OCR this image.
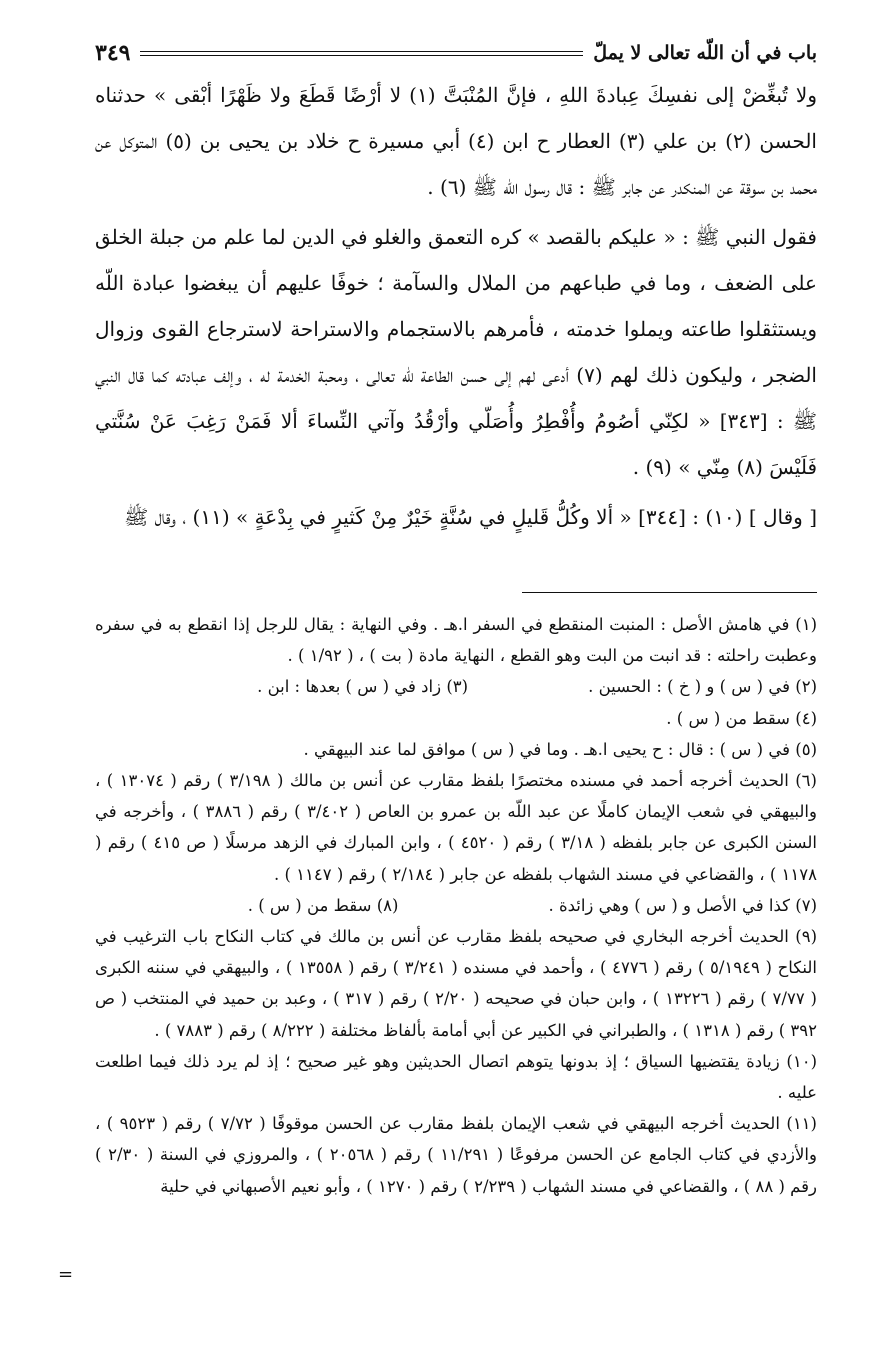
باب في أن اللّه تعالى لا يملّ
٣٤٩

ولا تُبغِّضْ إلى نفسِكَ عِبادةَ اللهِ ، فإنَّ المُنْبَتَّ (١) لا أرْضًا قَطَعَ ولا ظَهْرًا أبْقى » حدثناه الحسن (٢) بن علي (٣) العطار ح ابن (٤) أبي مسيرة ح خلاد بن يحيى بن (٥) المتوكل عن محمد بن سوقة عن المنكدر عن جابر ﷺ : قال رسول اللّه ﷺ (٦) .

فقول النبي ﷺ : « عليكم بالقصد » كره التعمق والغلو في الدين لما علم من جبلة الخلق على الضعف ، وما في طباعهم من الملال والسآمة ؛ خوفًا عليهم أن يبغضوا عبادة اللّه ويستثقلوا طاعته ويملوا خدمته ، فأمرهم بالاستجمام والاستراحة لاسترجاع القوى وزوال الضجر ، وليكون ذلك لهم (٧) أدعى لهم إلى حسن الطاعة للّه تعالى ، ومحبة الخدمة له ، وإلف عبادته كما قال النبي ﷺ : [٣٤٣] « لكِنّي أصُومُ وأُفْطِرُ وأُصَلّي وأرْقُدُ وآتي النِّساءَ ألا فَمَنْ رَغِبَ عَنْ سُنَّتي فَلَيْسَ (٨) مِنّي » (٩) .

[ وقال ] (١٠) : [٣٤٤] « ألا وكُلُّ قَليلٍ في سُنَّةٍ خَيْرٌ مِنْ كَثيرٍ في بِدْعَةٍ » (١١) ، وقال ﷺ

(١) في هامش الأصل : المنبت المنقطع في السفر ا.هـ . وفي النهاية : يقال للرجل إذا انقطع به في سفره وعطبت راحلته : قد انبت من البت وهو القطع ، النهاية مادة ( بت ) ، ( ١/٩٢ ) .

(٢) في ( س ) و ( خ ) : الحسين .
(٣) زاد في ( س ) بعدها : ابن .

(٤) سقط من ( س ) .

(٥) في ( س ) : قال : ح يحيى ا.هـ . وما في ( س ) موافق لما عند البيهقي .

(٦) الحديث أخرجه أحمد في مسنده مختصرًا بلفظ مقارب عن أنس بن مالك ( ٣/١٩٨ ) رقم ( ١٣٠٧٤ ) ، والبيهقي في شعب الإيمان كاملًا عن عبد اللّه بن عمرو بن العاص ( ٣/٤٠٢ ) رقم ( ٣٨٨٦ ) ، وأخرجه في السنن الكبرى عن جابر بلفظه ( ٣/١٨ ) رقم ( ٤٥٢٠ ) ، وابن المبارك في الزهد مرسلًا ( ص ٤١٥ ) رقم ( ١١٧٨ ) ، والقضاعي في مسند الشهاب بلفظه عن جابر ( ٢/١٨٤ ) رقم ( ١١٤٧ ) .

(٧) كذا في الأصل و ( س ) وهي زائدة .
(٨) سقط من ( س ) .

(٩) الحديث أخرجه البخاري في صحيحه بلفظ مقارب عن أنس بن مالك في كتاب النكاح باب الترغيب في النكاح ( ٥/١٩٤٩ ) رقم ( ٤٧٧٦ ) ، وأحمد في مسنده ( ٣/٢٤١ ) رقم ( ١٣٥٥٨ ) ، والبيهقي في سننه الكبرى ( ٧/٧٧ ) رقم ( ١٣٢٢٦ ) ، وابن حبان في صحيحه ( ٢/٢٠ ) رقم ( ٣١٧ ) ، وعبد بن حميد في المنتخب ( ص ٣٩٢ ) رقم ( ١٣١٨ ) ، والطبراني في الكبير عن أبي أمامة بألفاظ مختلفة ( ٨/٢٢٢ ) رقم ( ٧٨٨٣ ) .

(١٠) زيادة يقتضيها السياق ؛ إذ بدونها يتوهم اتصال الحديثين وهو غير صحيح ؛ إذ لم يرد ذلك فيما اطلعت عليه .

(١١) الحديث أخرجه البيهقي في شعب الإيمان بلفظ مقارب عن الحسن موقوفًا ( ٧/٧٢ ) رقم ( ٩٥٢٣ ) ، والأزدي في كتاب الجامع عن الحسن مرفوعًا ( ١١/٢٩١ ) رقم ( ٢٠٥٦٨ ) ، والمروزي في السنة ( ٢/٣٠ ) رقم ( ٨٨ ) ، والقضاعي في مسند الشهاب ( ٢/٢٣٩ ) رقم ( ١٢٧٠ ) ، وأبو نعيم الأصبهاني في حلية

=
